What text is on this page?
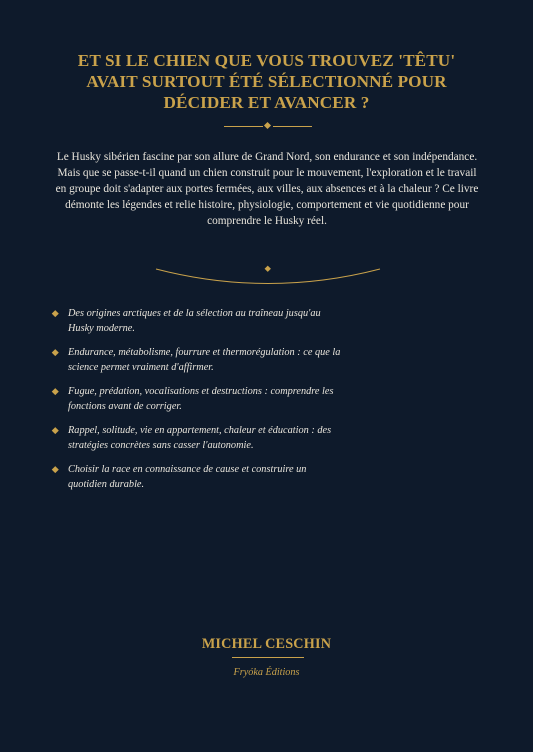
ET SI LE CHIEN QUE VOUS TROUVEZ 'TÊTU'
AVAIT SURTOUT ÉTÉ SÉLECTIONNÉ POUR
DÉCIDER ET AVANCER ?

Le Husky sibérien fascine par son allure de Grand Nord, son endurance et son indépendance.
Mais que se passe-t-il quand un chien construit pour le mouvement, l'exploration et le travail
en groupe doit s'adapter aux portes fermées, aux villes, aux absences et à la chaleur ? Ce livre
démonte les légendes et relie histoire, physiologie, comportement et vie quotidienne pour
comprendre le Husky réel.

Des origines arctiques et de la sélection au traîneau jusqu'au
Husky moderne.
Endurance, métabolisme, fourrure et thermorégulation : ce que la
science permet vraiment d'affirmer.
Fugue, prédation, vocalisations et destructions : comprendre les
fonctions avant de corriger.
Rappel, solitude, vie en appartement, chaleur et éducation : des
stratégies concrètes sans casser l'autonomie.
Choisir la race en connaissance de cause et construire un
quotidien durable.
MICHEL CESCHIN
Fryóka Éditions
